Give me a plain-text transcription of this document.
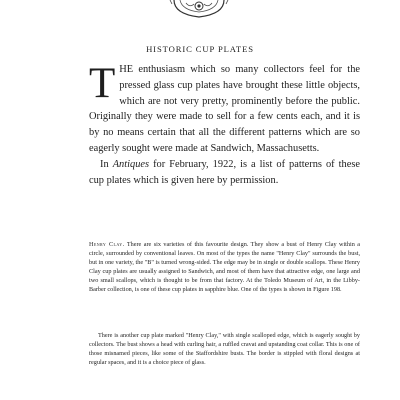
HISTORIC CUP PLATES

THE enthusiasm which so many collectors feel for the pressed glass cup plates have brought these little objects, which are not very pretty, prominently before the public. Originally they were made to sell for a few cents each, and it is by no means certain that all the different patterns which are so eagerly sought were made at Sandwich, Massachusetts.

In Antiques for February, 1922, is a list of patterns of these cup plates which is given here by permission.

Henry Clay. There are six varieties of this favourite design. They show a bust of Henry Clay within a circle, surrounded by conventional leaves. On most of the types the name "Henry Clay" surrounds the bust, but in one variety, the "B" is turned wrong-sided. The edge may be in single or double scallops. These Henry Clay cup plates are usually assigned to Sandwich, and most of them have that attractive edge, one large and two small scallops, which is thought to be from that factory. At the Toledo Museum of Art, in the Libby-Barber collection, is one of these cup plates in sapphire blue. One of the types is shown in Figure 198.

There is another cup plate marked "Henry Clay," with single scalloped edge, which is eagerly sought by collectors. The bust shows a head with curling hair, a ruffled cravat and upstanding coat collar. This is one of those misnamed pieces, like some of the Staffordshire busts. The border is stippled with floral designs at regular spaces, and it is a choice piece of glass.
